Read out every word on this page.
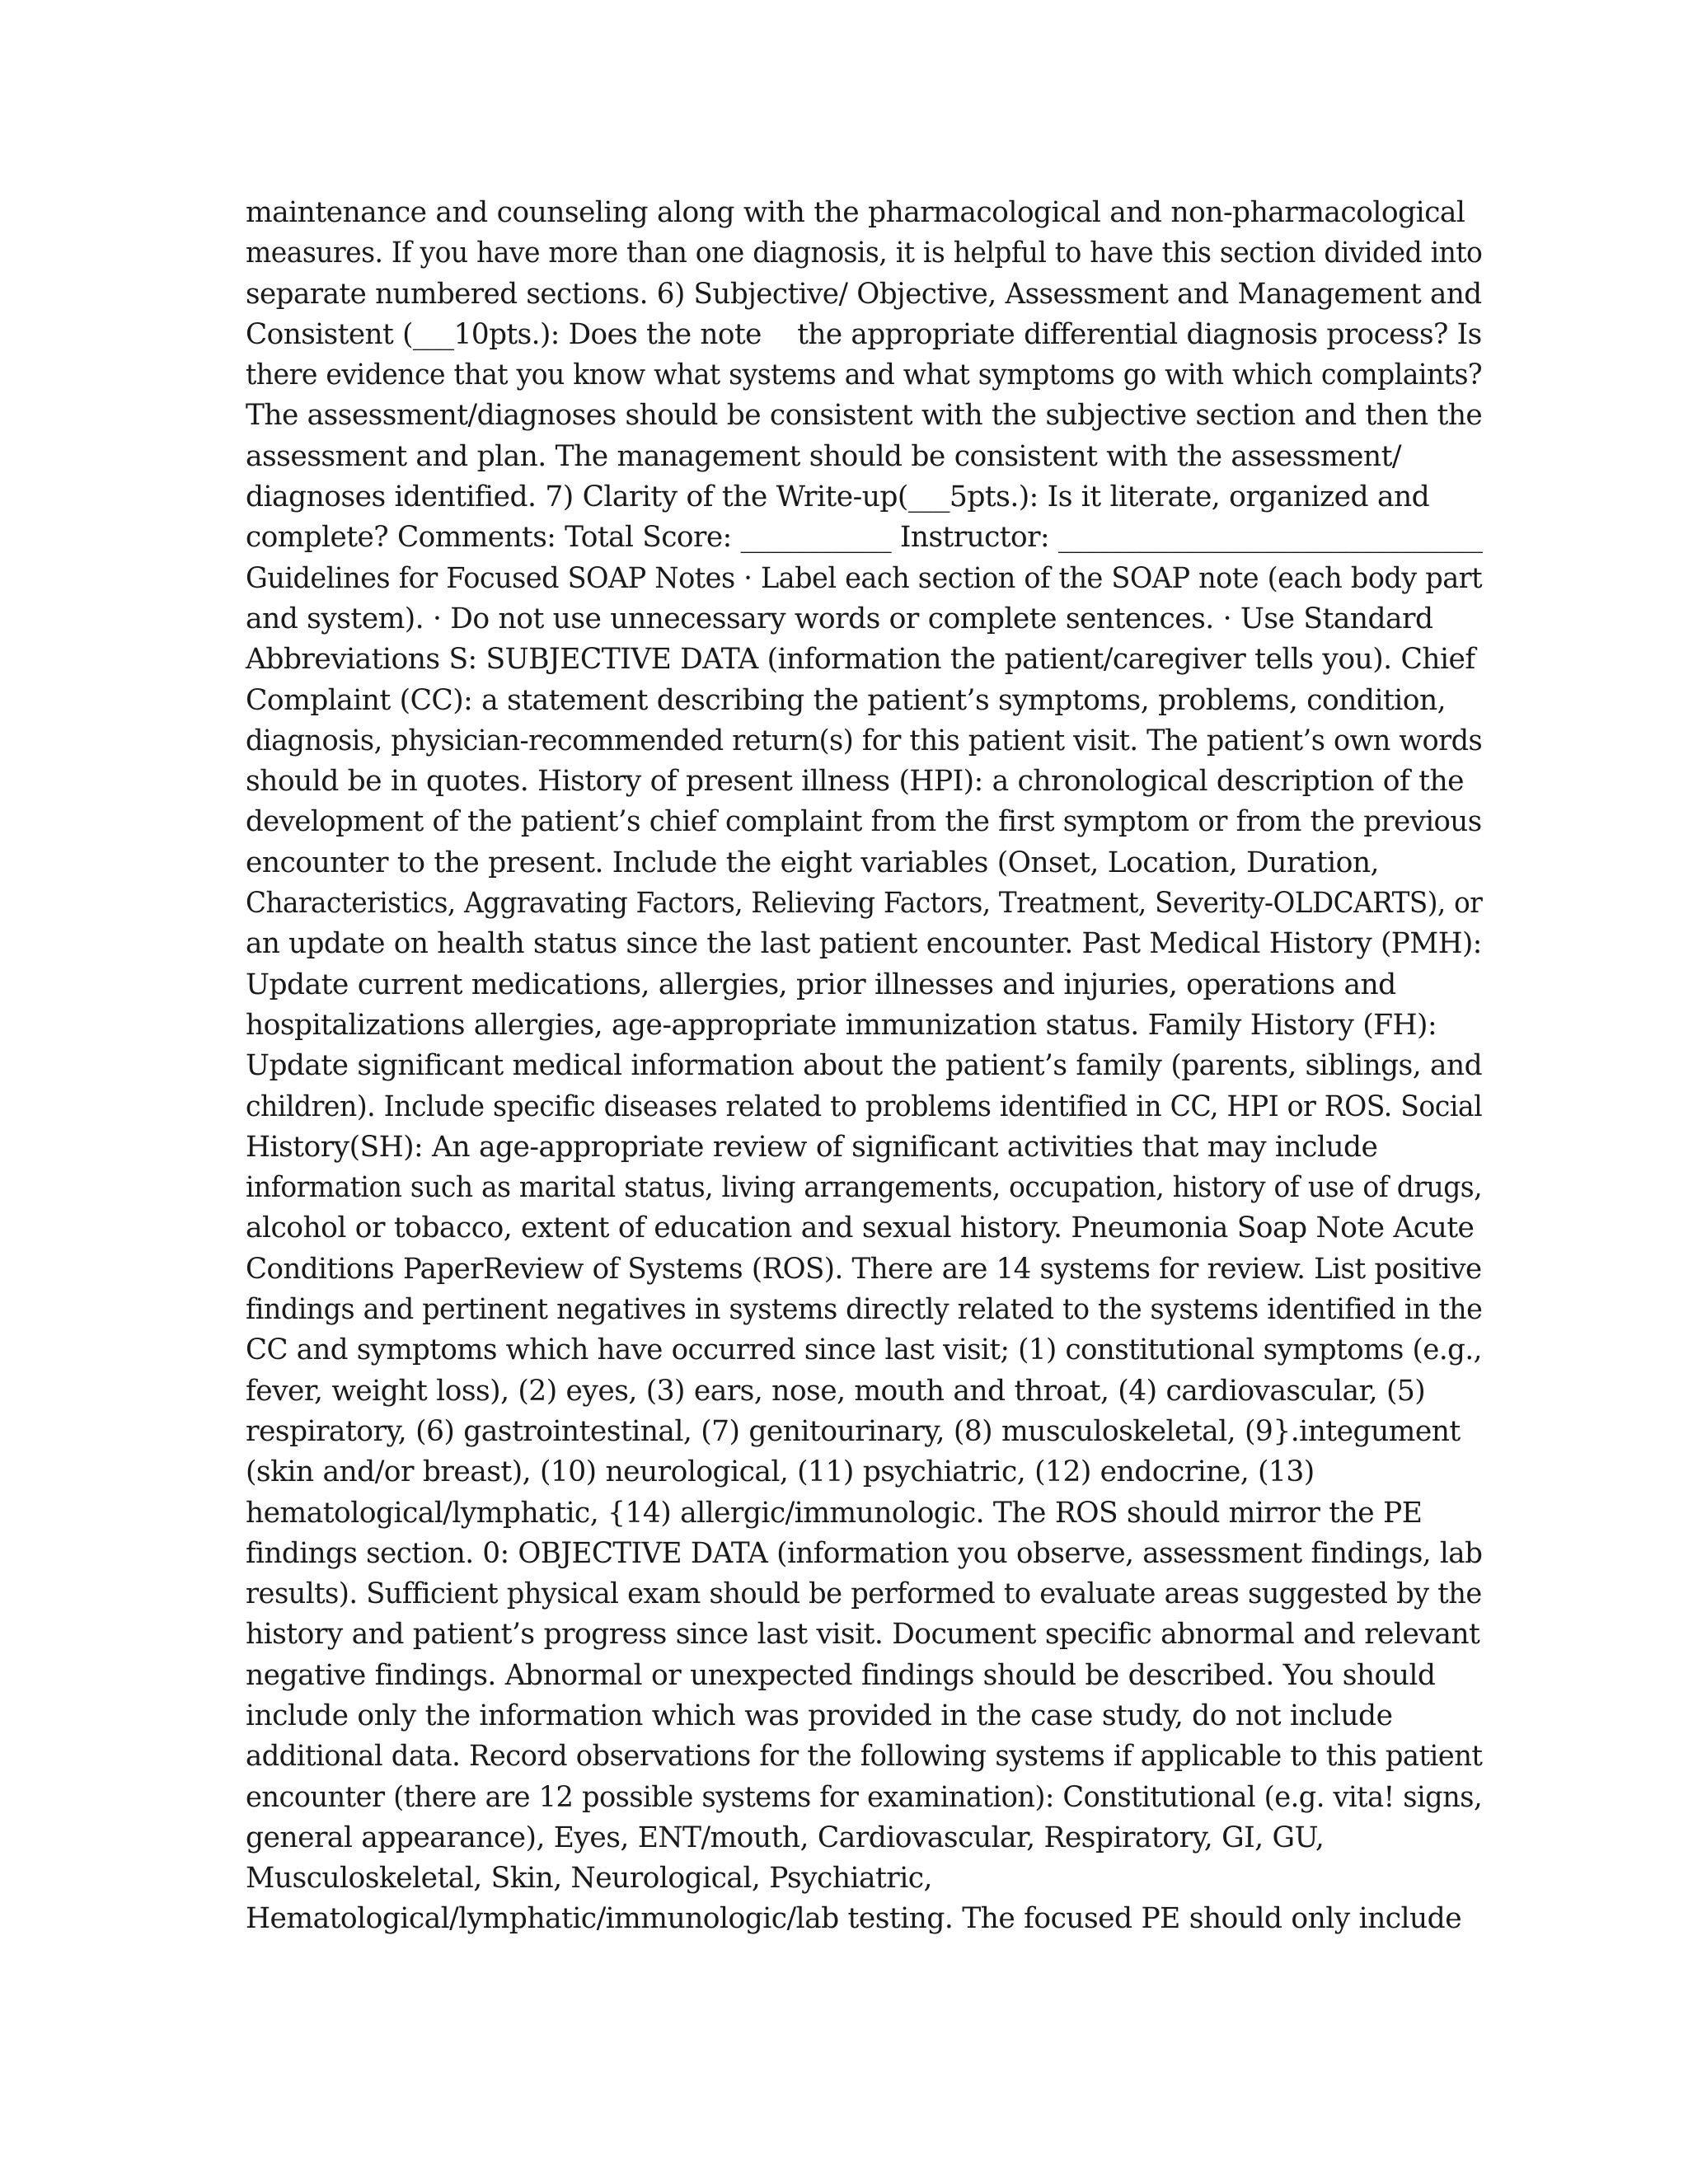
maintenance and counseling along with the pharmacological and non-pharmacological
measures. If you have more than one diagnosis, it is helpful to have this section divided intoseparate numbered sections. 6) Subjective/ Objective, Assessment and Management andConsistent (___10pts.): Does the note    the appropriate differential diagnosis process? Isthere evidence that you know what systems and what symptoms go with which complaints?The assessment/diagnoses should be consistent with the subjective section and then the
assessment and plan. The management should be consistent with the assessment/
diagnoses identified. 7) Clarity of the Write-up(___5pts.): Is it literate, organized and
complete? Comments: Total Score: ___________ Instructor: _______________________________Guidelines for Focused SOAP Notes · Label each section of the SOAP note (each body part
and system). · Do not use unnecessary words or complete sentences. · Use Standard
Abbreviations S: SUBJECTIVE DATA (information the patient/caregiver tells you). Chief
Complaint (CC): a statement describing the patient’s symptoms, problems, condition,
diagnosis, physician-recommended return(s) for this patient visit. The patient’s own words
should be in quotes. History of present illness (HPI): a chronological description of the
development of the patient’s chief complaint from the first symptom or from the previous
encounter to the present. Include the eight variables (Onset, Location, Duration,
Characteristics, Aggravating Factors, Relieving Factors, Treatment, Severity-OLDCARTS), oran update on health status since the last patient encounter. Past Medical History (PMH):
Update current medications, allergies, prior illnesses and injuries, operations and
hospitalizations allergies, age-appropriate immunization status. Family History (FH):
Update significant medical information about the patient’s family (parents, siblings, andchildren). Include specific diseases related to problems identified in CC, HPI or ROS. Social
History(SH): An age-appropriate review of significant activities that may include
information such as marital status, living arrangements, occupation, history of use of drugs,
alcohol or tobacco, extent of education and sexual history. Pneumonia Soap Note Acute
Conditions PaperReview of Systems (ROS). There are 14 systems for review. List positivefindings and pertinent negatives in systems directly related to the systems identified in theCC and symptoms which have occurred since last visit; (1) constitutional symptoms (e.g.,
fever, weight loss), (2) eyes, (3) ears, nose, mouth and throat, (4) cardiovascular, (5)
respiratory, (6) gastrointestinal, (7) genitourinary, (8) musculoskeletal, (9}.integument
(skin and/or breast), (10) neurological, (11) psychiatric, (12) endocrine, (13)
hematological/lymphatic, {14) allergic/immunologic. The ROS should mirror the PE
findings section. 0: OBJECTIVE DATA (information you observe, assessment findings, labresults). Sufficient physical exam should be performed to evaluate areas suggested by the
history and patient’s progress since last visit. Document specific abnormal and relevant
negative findings. Abnormal or unexpected findings should be described. You should
include only the information which was provided in the case study, do not include
additional data. Record observations for the following systems if applicable to this patientencounter (there are 12 possible systems for examination): Constitutional (e.g. vita! signs,
general appearance), Eyes, ENT/mouth, Cardiovascular, Respiratory, GI, GU,
Musculoskeletal, Skin, Neurological, Psychiatric,
Hematological/lymphatic/immunologic/lab testing. The focused PE should only include
